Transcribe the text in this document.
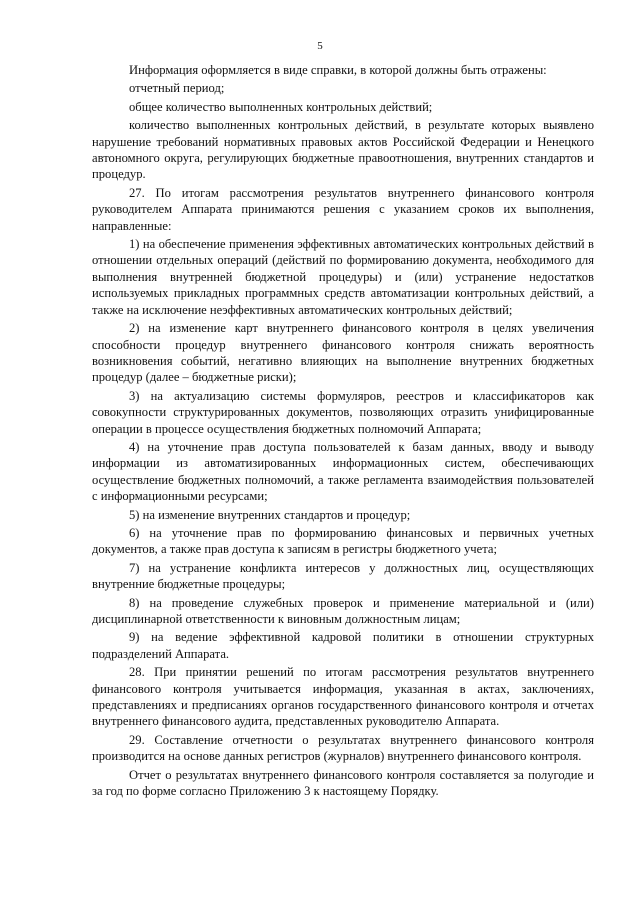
5

Информация оформляется в виде справки, в которой должны быть отражены:

отчетный период;

общее количество выполненных контрольных действий;

количество выполненных контрольных действий, в результате которых выявлено нарушение требований нормативных правовых актов Российской Федерации и Ненецкого автономного округа, регулирующих бюджетные правоотношения, внутренних стандартов и процедур.

27. По итогам рассмотрения результатов внутреннего финансового контроля руководителем Аппарата принимаются решения с указанием сроков их выполнения, направленные:

1) на обеспечение применения эффективных автоматических контрольных действий в отношении отдельных операций (действий по формированию документа, необходимого для выполнения внутренней бюджетной процедуры) и (или) устранение недостатков используемых прикладных программных средств автоматизации контрольных действий, а также на исключение неэффективных автоматических контрольных действий;

2) на изменение карт внутреннего финансового контроля в целях увеличения способности процедур внутреннего финансового контроля снижать вероятность возникновения событий, негативно влияющих на выполнение внутренних бюджетных процедур (далее – бюджетные риски);

3) на актуализацию системы формуляров, реестров и классификаторов как совокупности структурированных документов, позволяющих отразить унифицированные операции в процессе осуществления бюджетных полномочий Аппарата;

4) на уточнение прав доступа пользователей к базам данных, вводу и выводу информации из автоматизированных информационных систем, обеспечивающих осуществление бюджетных полномочий, а также регламента взаимодействия пользователей с информационными ресурсами;

5) на изменение внутренних стандартов и процедур;

6) на уточнение прав по формированию финансовых и первичных учетных документов, а также прав доступа к записям в регистры бюджетного учета;

7) на устранение конфликта интересов у должностных лиц, осуществляющих внутренние бюджетные процедуры;

8) на проведение служебных проверок и применение материальной и (или) дисциплинарной ответственности к виновным должностным лицам;

9) на ведение эффективной кадровой политики в отношении структурных подразделений Аппарата.

28. При принятии решений по итогам рассмотрения результатов внутреннего финансового контроля учитывается информация, указанная в актах, заключениях, представлениях и предписаниях органов государственного финансового контроля и отчетах внутреннего финансового аудита, представленных руководителю Аппарата.

29. Составление отчетности о результатах внутреннего финансового контроля производится на основе данных регистров (журналов) внутреннего финансового контроля.

Отчет о результатах внутреннего финансового контроля составляется за полугодие и за год по форме согласно Приложению 3 к настоящему Порядку.
